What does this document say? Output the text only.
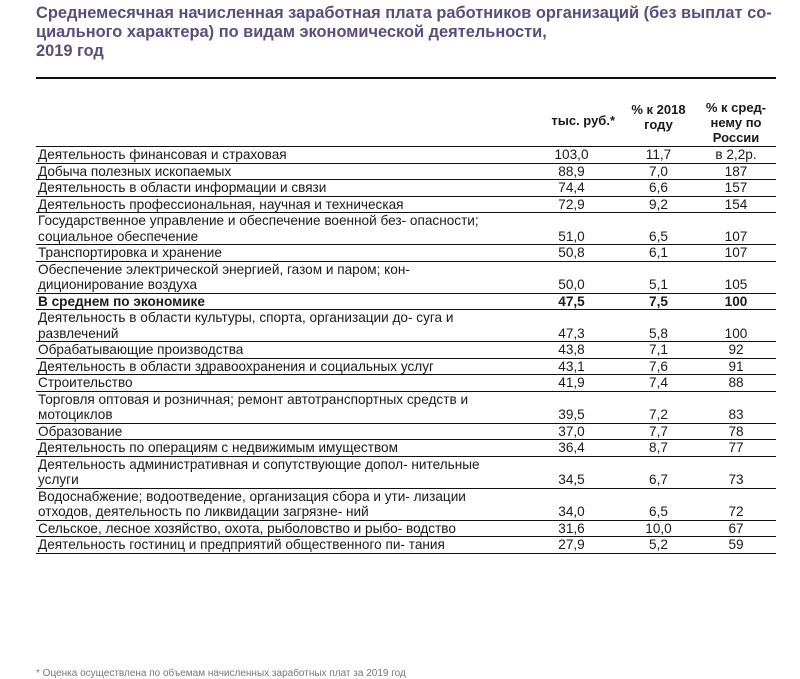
Среднемесячная начисленная заработная плата работников организаций (без выплат со-
циального характера) по видам экономической деятельности,
2019 год
	тыс. руб.*	% к 2018 году	% к сред- нему по России
Деятельность финансовая и страховая	103,0	11,7	в 2,2р.
Добыча полезных ископаемых	88,9	7,0	187
Деятельность в области информации и связи	74,4	6,6	157
Деятельность профессиональная, научная и техническая	72,9	9,2	154
Государственное управление и обеспечение военной без- опасности; социальное обеспечение	51,0	6,5	107
Транспортировка и хранение	50,8	6,1	107
Обеспечение электрической энергией, газом и паром; кон- диционирование воздуха	50,0	5,1	105
В среднем по экономике	47,5	7,5	100
Деятельность в области культуры, спорта, организации до- суга и развлечений	47,3	5,8	100
Обрабатывающие производства	43,8	7,1	92
Деятельность в области здравоохранения и социальных услуг	43,1	7,6	91
Строительство	41,9	7,4	88
Торговля оптовая и розничная; ремонт автотранспортных средств и мотоциклов	39,5	7,2	83
Образование	37,0	7,7	78
Деятельность по операциям с недвижимым имуществом	36,4	8,7	77
Деятельность административная и сопутствующие допол- нительные услуги	34,5	6,7	73
Водоснабжение; водоотведение, организация сбора и ути- лизации отходов, деятельность по ликвидации загрязне- ний	34,0	6,5	72
Сельское, лесное хозяйство, охота, рыболовство и рыбо- водство	31,6	10,0	67
Деятельность гостиниц и предприятий общественного пи- тания	27,9	5,2	59
* Оценка осуществлена по объемам начисленных заработных плат за 2019 год
